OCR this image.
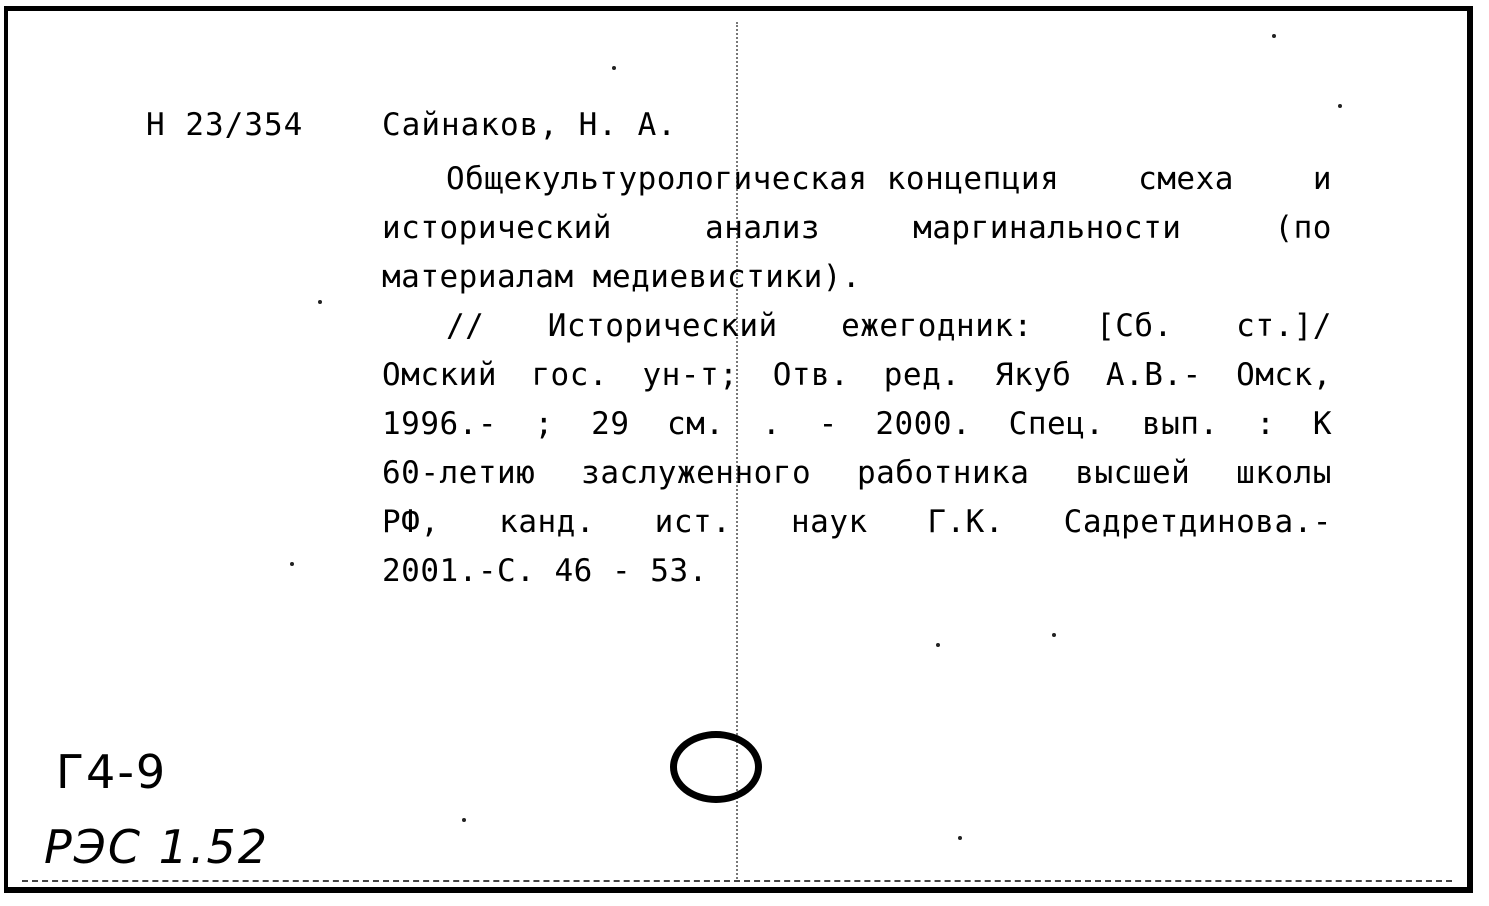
Н 23/354	Сайнаков, Н. А.
Общекультурологическая концепция	смеха	и
исторический	анализ	маргинальности	(по
материалам медиевистики).
// Исторический ежегодник: [Сб. ст.]/
Омский гос. ун-т; Отв. ред. Якуб А.В.- Омск,
1996.- ; 29 см. . - 2000. Спец. вып. : К
60-летию заслуженного работника высшей школы
РФ, канд. ист. наук Г.К. Садретдинова.-
2001.-С. 46 - 53.
Г4-9
РЭС 1.52
